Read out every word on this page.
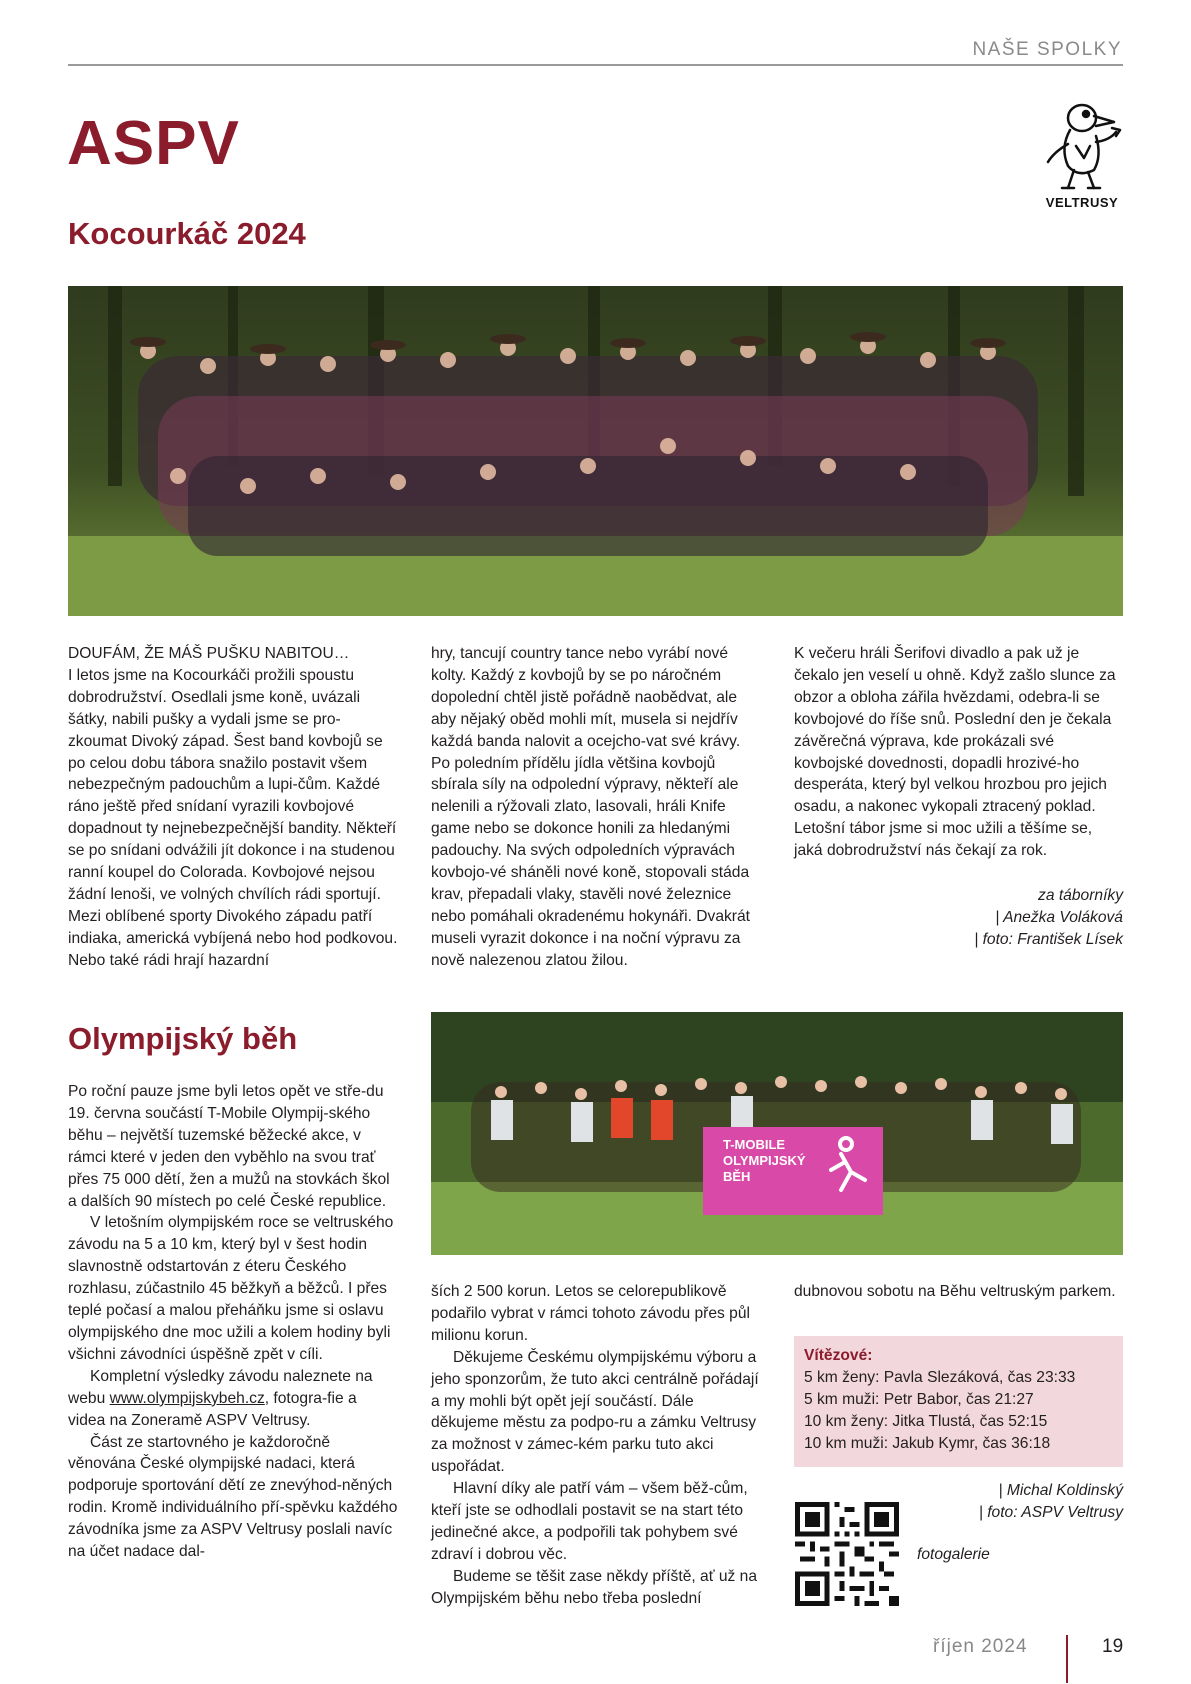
NAŠE SPOLKY
ASPV
VELTRUSY
Kocourkáč 2024

DOUFÁM, ŽE MÁŠ PUŠKU NABITOU…

I letos jsme na Kocourkáči prožili spoustu dobrodružství. Osedlali jsme koně, uvázali šátky, nabili pušky a vydali jsme se pro-zkoumat Divoký západ. Šest band kovbojů se po celou dobu tábora snažilo postavit všem nebezpečným padouchům a lupi-čům. Každé ráno ještě před snídaní vyrazili kovbojové dopadnout ty nejnebezpečnější bandity. Někteří se po snídani odvážili jít dokonce i na studenou ranní koupel do Colorada. Kovbojové nejsou žádní lenoši, ve volných chvílích rádi sportují. Mezi oblíbené sporty Divokého západu patří indiaka, americká vybíjená nebo hod podkovou. Nebo také rádi hrají hazardní

hry, tancují country tance nebo vyrábí nové kolty. Každý z kovbojů by se po náročném dopolední chtěl jistě pořádně naobědvat, ale aby nějaký oběd mohli mít, musela si nejdřív každá banda nalovit a ocejcho-vat své krávy. Po poledním přídělu jídla většina kovbojů sbírala síly na odpolední výpravy, někteří ale nelenili a rýžovali zlato, lasovali, hráli Knife game nebo se dokonce honili za hledanými padouchy. Na svých odpoledních výpravách kovbojo-vé sháněli nové koně, stopovali stáda krav, přepadali vlaky, stavěli nové železnice nebo pomáhali okradenému hokynáři. Dvakrát museli vyrazit dokonce i na noční výpravu za nově nalezenou zlatou žilou.

K večeru hráli Šerifovi divadlo a pak už je čekalo jen veselí u ohně. Když zašlo slunce za obzor a obloha zářila hvězdami, odebra-li se kovbojové do říše snů. Poslední den je čekala závěrečná výprava, kde prokázali své kovbojské dovednosti, dopadli hrozivé-ho desperáta, který byl velkou hrozbou pro jejich osadu, a nakonec vykopali ztracený poklad. Letošní tábor jsme si moc užili a těšíme se, jaká dobrodružství nás čekají za rok.

za táborníky
| Anežka Voláková
| foto: František Lísek
Olympijský běh
T-MOBILE
OLYMPIJSKÝ
BĚH

Po roční pauze jsme byli letos opět ve stře-du 19. června součástí T-Mobile Olympij-ského běhu – největší tuzemské běžecké akce, v rámci které v jeden den vyběhlo na svou trať přes 75 000 dětí, žen a mužů na stovkách škol a dalších 90 místech po celé České republice.

V letošním olympijském roce se veltruského závodu na 5 a 10 km, který byl v šest hodin slavnostně odstartován z éteru Českého rozhlasu, zúčastnilo 45 běžkyň a běžců. I přes teplé počasí a malou přeháňku jsme si oslavu olympijského dne moc užili a kolem hodiny byli všichni závodníci úspěšně zpět v cíli.

Kompletní výsledky závodu naleznete na webu www.olympijskybeh.cz, fotogra-fie a videa na Zoneramě ASPV Veltrusy.

Část ze startovného je každoročně věnována České olympijské nadaci, která podporuje sportování dětí ze znevýhod-něných rodin. Kromě individuálního pří-spěvku každého závodníka jsme za ASPV Veltrusy poslali navíc na účet nadace dal-

ších 2 500 korun. Letos se celorepublikově podařilo vybrat v rámci tohoto závodu přes půl milionu korun.

Děkujeme Českému olympijskému výboru a jeho sponzorům, že tuto akci centrálně pořádají a my mohli být opět její součástí. Dále děkujeme městu za podpo-ru a zámku Veltrusy za možnost v zámec-kém parku tuto akci uspořádat.

Hlavní díky ale patří vám – všem běž-cům, kteří jste se odhodlali postavit se na start této jedinečné akce, a podpořili tak pohybem své zdraví i dobrou věc.

Budeme se těšit zase někdy příště, ať už na Olympijském běhu nebo třeba poslední

dubnovou sobotu na Běhu veltruským parkem.

Vítězové:
5 km ženy: Pavla Slezáková, čas 23:33
5 km muži: Petr Babor, čas 21:27
10 km ženy: Jitka Tlustá, čas 52:15
10 km muži: Jakub Kymr, čas 36:18
| Michal Koldinský
| foto: ASPV Veltrusy
fotogalerie
říjen 2024	19
